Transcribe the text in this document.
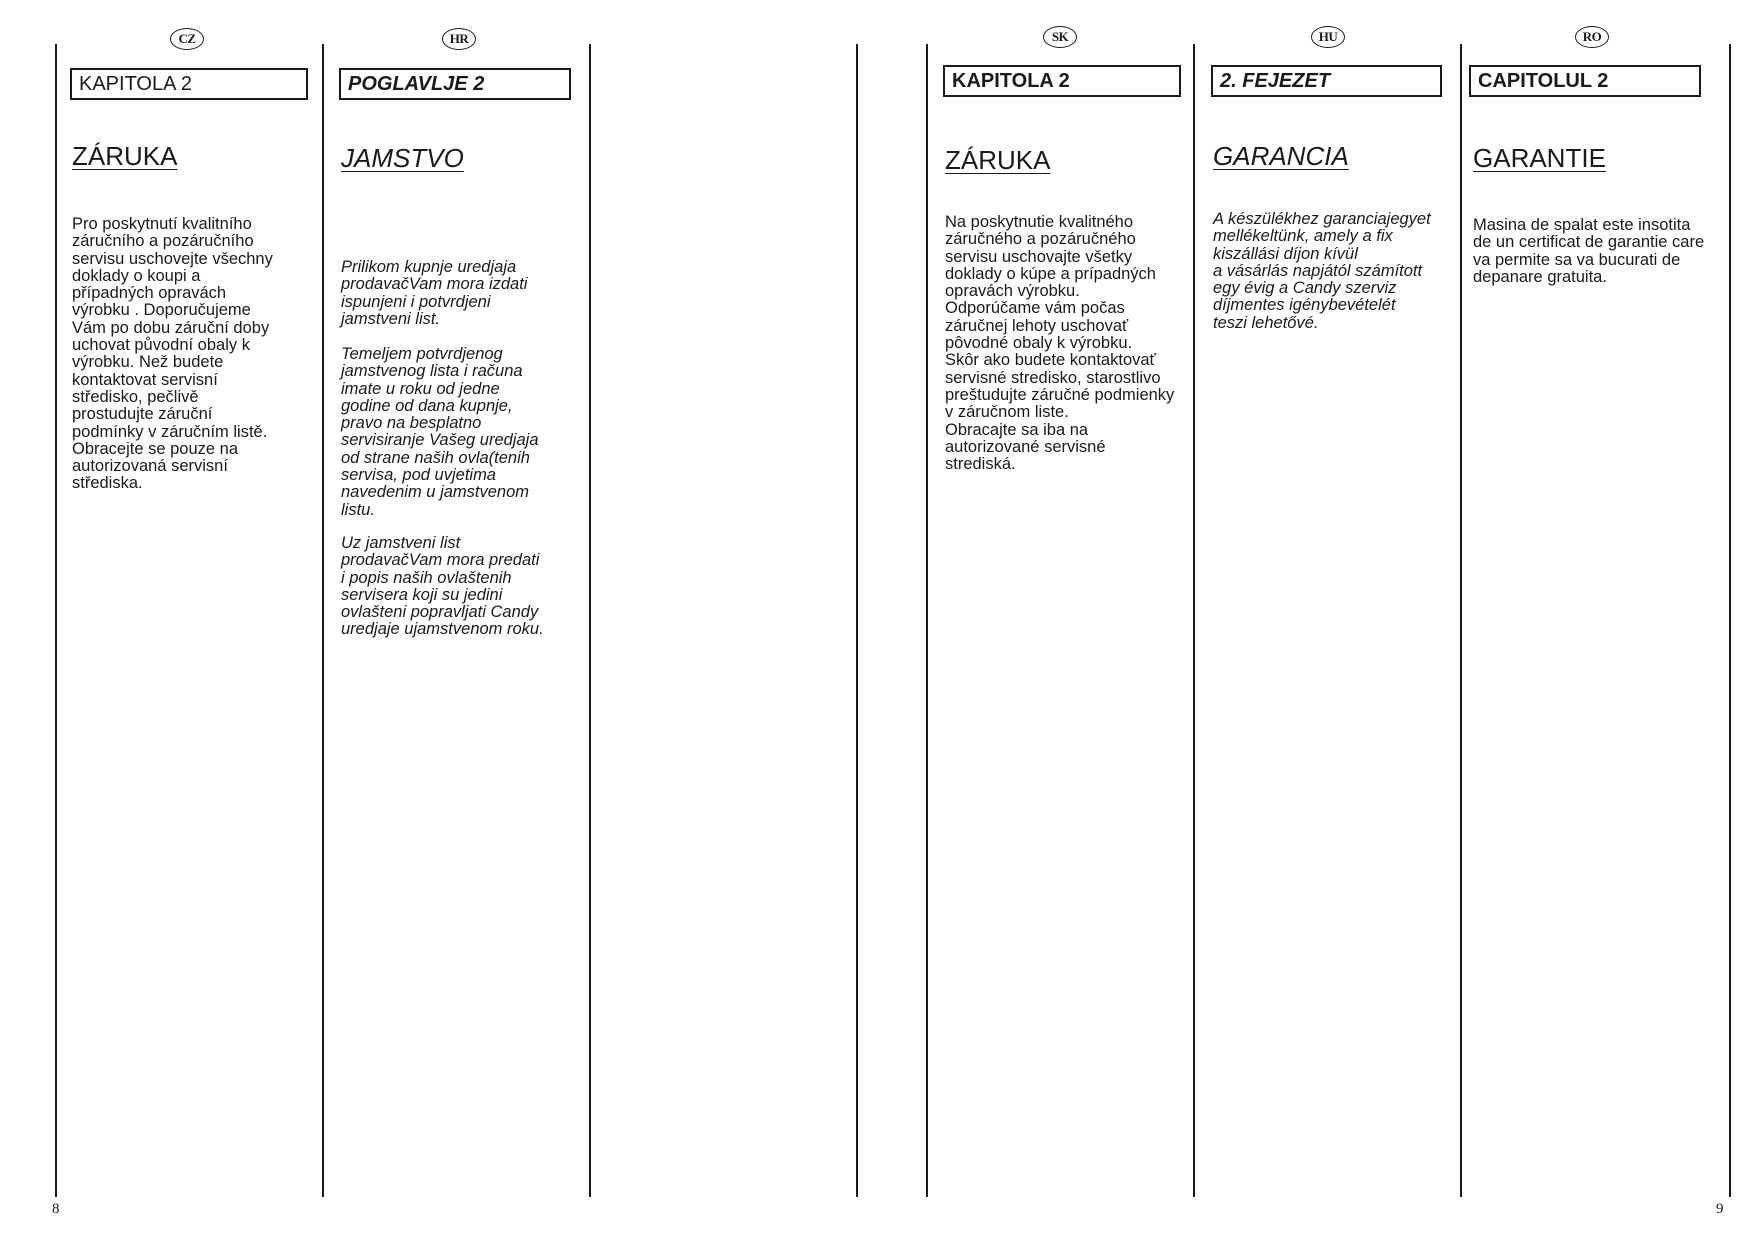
CZ
KAPITOLA 2
ZÁRUKA
Pro poskytnutí kvalitního
záručního a pozáručního
servisu uschovejte všechny
doklady o koupi a
případných opravách
výrobku . Doporučujeme
Vám po dobu záruční doby
uchovat původní obaly k
výrobku. Než budete
kontaktovat servisní
středisko, pečlivě
prostudujte záruční
podmínky v záručním listě.
Obracejte se pouze na
autorizovaná servisní
střediska.
HR
POGLAVLJE 2
JAMSTVO
Prilikom kupnje uredjaja
prodavačVam mora izdati
ispunjeni i potvrdjeni
jamstveni list.
Temeljem potvrdjenog
jamstvenog lista i računa
imate u roku od jedne
godine od dana kupnje,
pravo na besplatno
servisiranje Vašeg uredjaja
od strane naših ovla(tenih
servisa, pod uvjetima
navedenim u jamstvenom
listu.
Uz jamstveni list
prodavačVam mora predati
i popis naših ovlaštenih
servisera koji su jedini
ovlašteni popravljati Candy
uredjaje ujamstvenom roku.
SK
KAPITOLA 2
ZÁRUKA
Na poskytnutie kvalitného
záručného a pozáručného
servisu uschovajte všetky
doklady o kúpe a prípadných
opravách výrobku.
Odporúčame vám počas
záručnej lehoty uschovať
pôvodné obaly k výrobku.
Skôr ako budete kontaktovať
servisné stredisko, starostlivo
preštudujte záručné podmienky
v záručnom liste.
Obracajte sa iba na
autorizované servisné
strediská.
HU
2. FEJEZET
GARANCIA
A készülékhez garanciajegyet
mellékeltünk, amely a fix
kiszállási díjon kívül
a vásárlás napjától számított
egy évig a Candy szerviz
díjmentes igénybevételét
teszi lehetővé.
RO
CAPITOLUL 2
GARANTIE
Masina de spalat este insotita
de un certificat de garantie care
va permite sa va bucurati de
depanare gratuita.
8	9
